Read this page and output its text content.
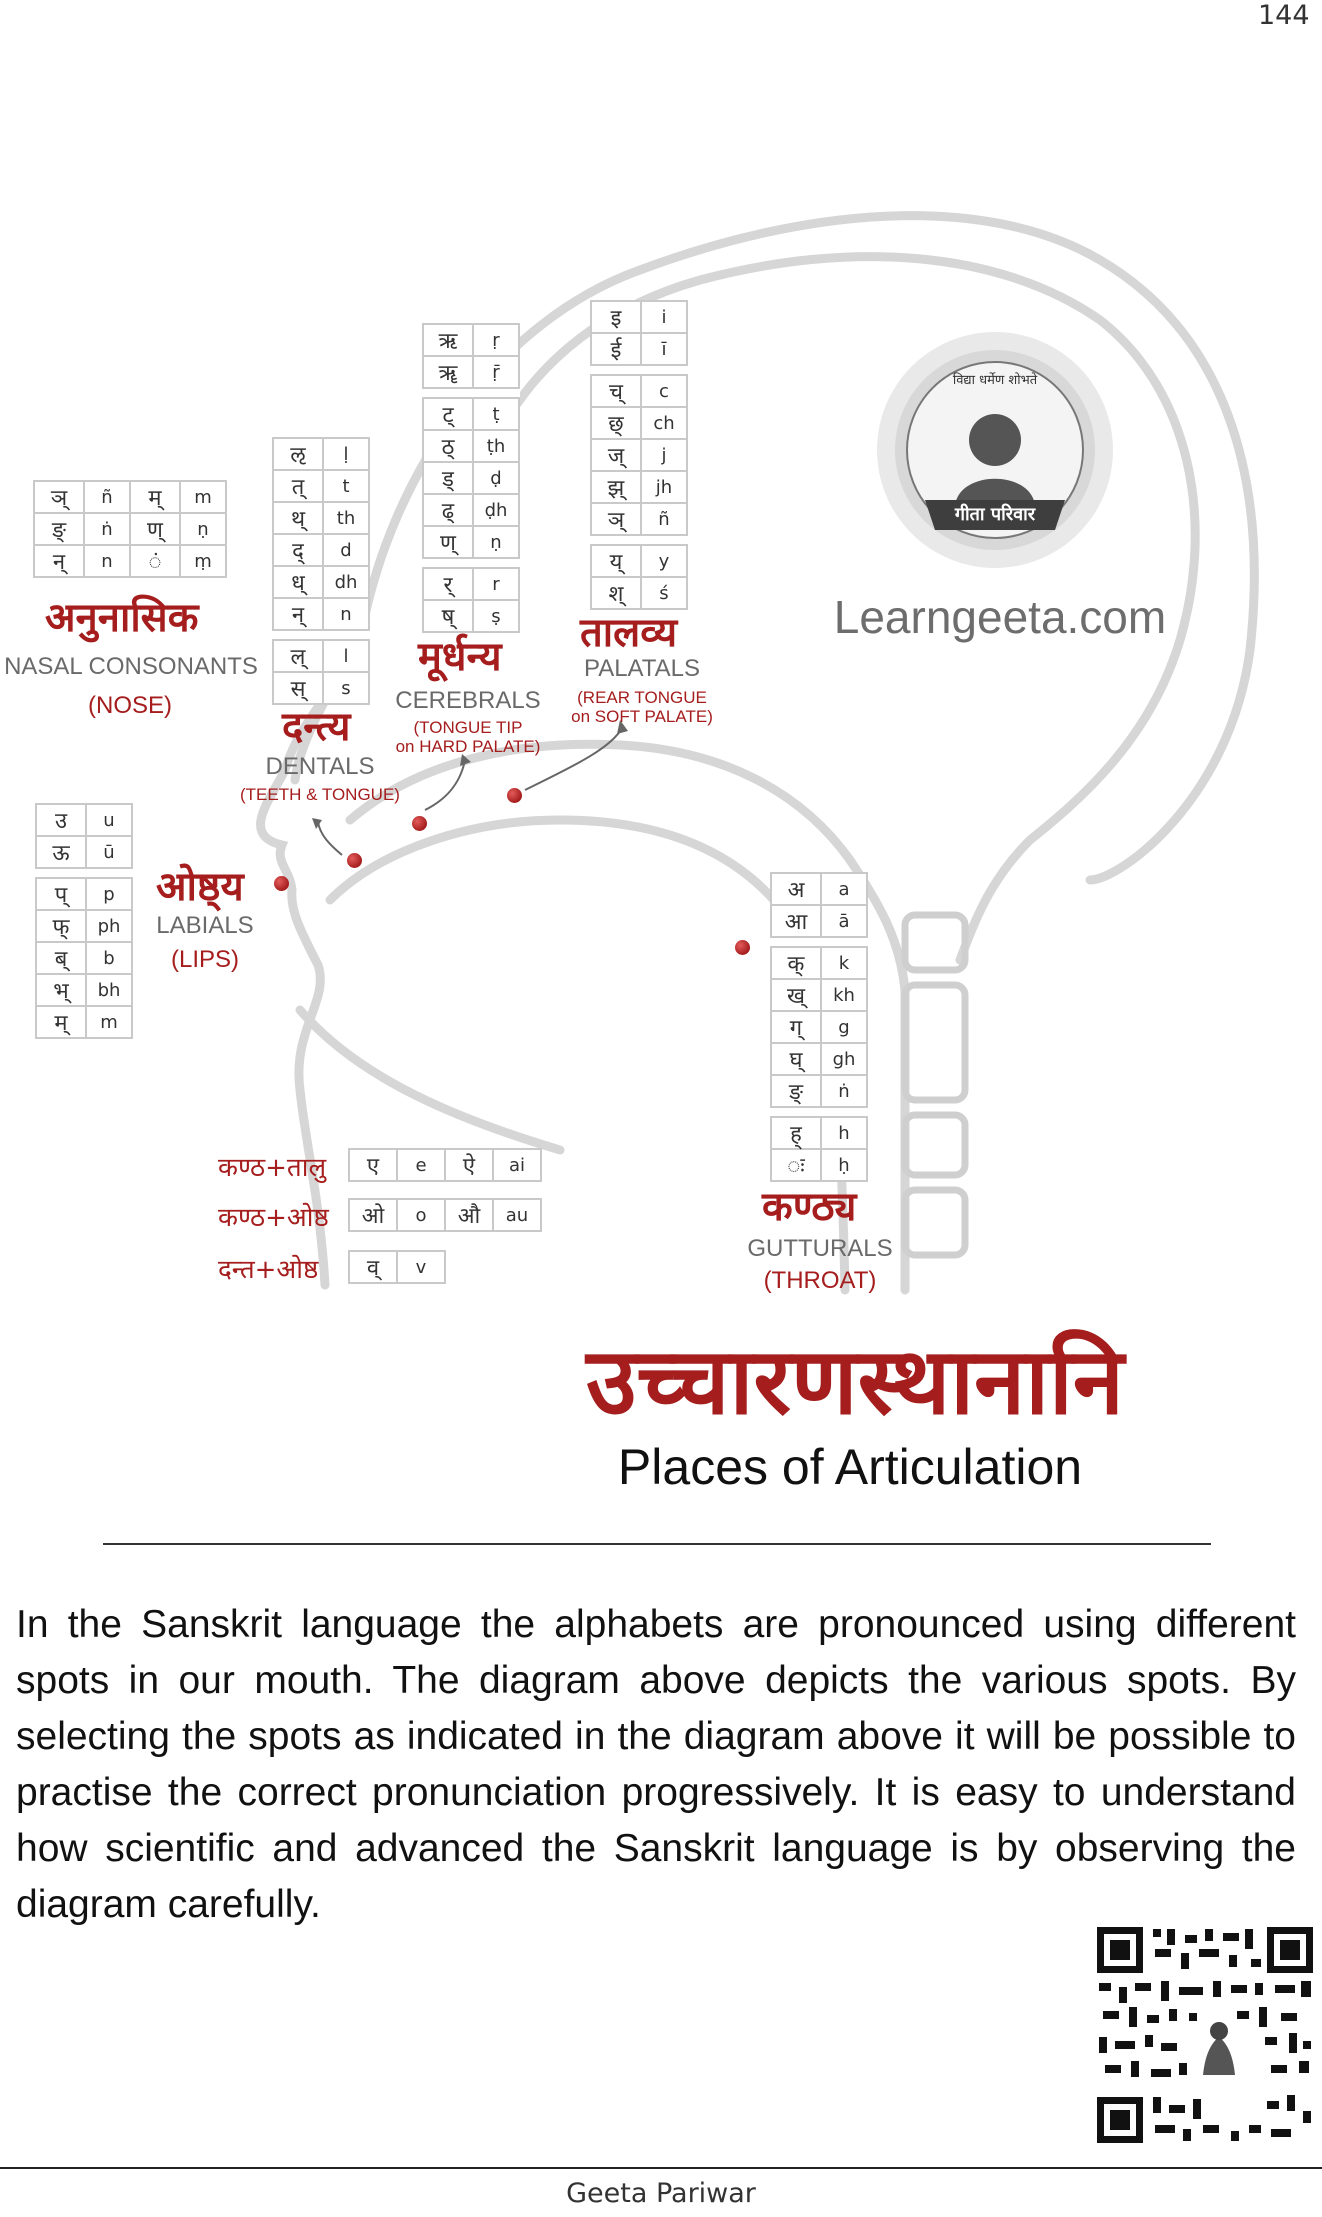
144
विद्या धर्मेण शोभते
गीता परिवार
Learngeeta.com
ञ्	ñ	म्	m
ङ्	ṅ	ण्	ṇ
न्	n	ं	ṃ
अनुनासिक
NASAL CONSONANTS
(NOSE)
ऌ	ḷ
त्	t
थ्	th
द्	d
ध्	dh
न्	n

ल्	l
स्	s
दन्त्य
DENTALS
(TEETH & TONGUE)
ऋ	ṛ
ॠ	ṝ

ट्	ṭ
ठ्	ṭh
ड्	ḍ
ढ्	ḍh
ण्	ṇ

र्	r
ष्	ṣ
मूर्धन्य
CEREBRALS
(TONGUE TIP
on HARD PALATE)
इ	i
ई	ī

च्	c
छ्	ch
ज्	j
झ्	jh
ञ्	ñ

य्	y
श्	ś
तालव्य
PALATALS
(REAR TONGUE
on SOFT PALATE)
उ	u
ऊ	ū

प्	p
फ्	ph
ब्	b
भ्	bh
म्	m
ओष्ठ्य
LABIALS
(LIPS)
अ	a
आ	ā

क्	k
ख्	kh
ग्	g
घ्	gh
ङ्	ṅ

ह्	h
ः	ḥ
कण्ठ्य
GUTTURALS
(THROAT)
कण्ठ+तालु ए	e	ऐ	ai
कण्ठ+ओष्ठ ओ	o	औ	au
दन्त+ओष्ठ व्	v
उच्चारणस्थानानि
Places of Articulation
In the Sanskrit language the alphabets are pronounced using different spots in our mouth. The diagram above depicts the various spots. By selecting the spots as indicated in the diagram above it will be possible to practise the correct pronunciation progressively. It is easy to understand how scientific and advanced the Sanskrit language is by observing the diagram carefully.
Geeta Pariwar
